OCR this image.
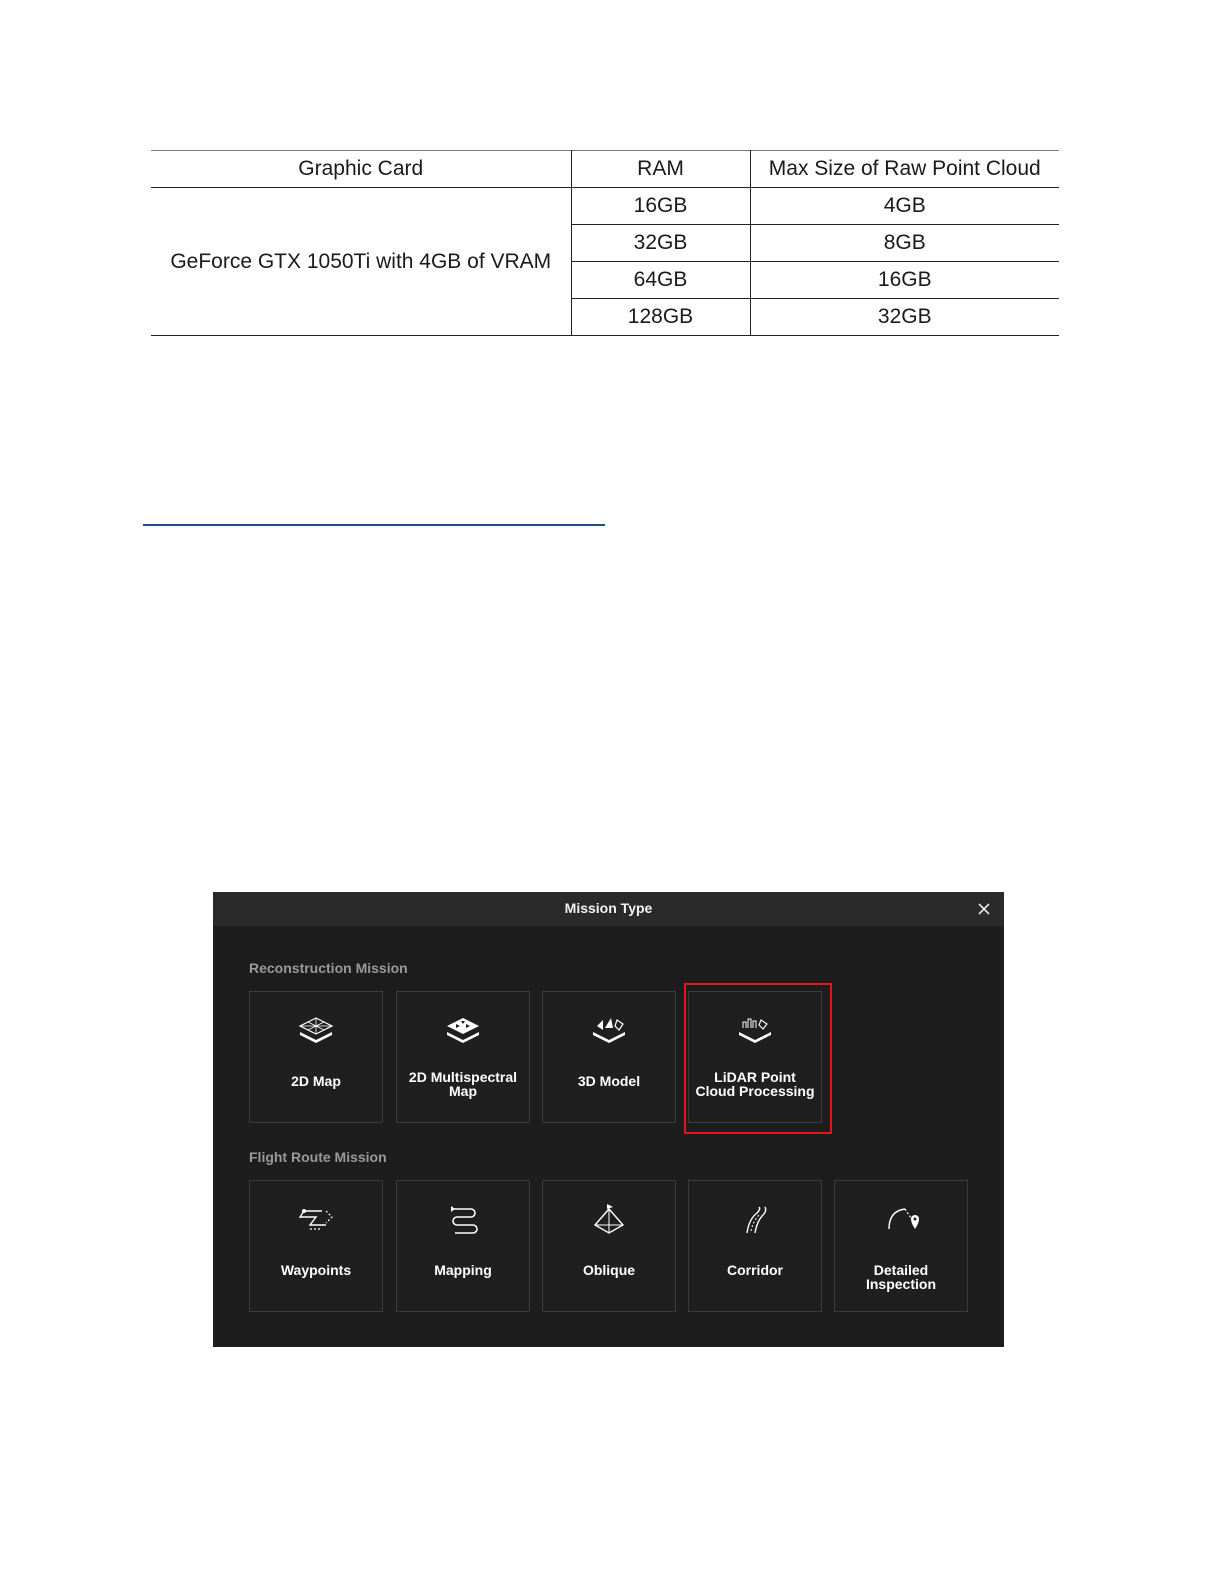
Graphic Card	RAM	Max Size of Raw Point Cloud
GeForce GTX 1050Ti with 4GB of VRAM	16GB	4GB
	32GB	8GB
	64GB	16GB
	128GB	32GB
Mission Type
Reconstruction Mission
2D Map	2D Multispectral Map
3D Model	LiDAR Point Cloud Processing
Flight Route Mission
Waypoints	Mapping	Oblique	Corridor	Detailed Inspection
